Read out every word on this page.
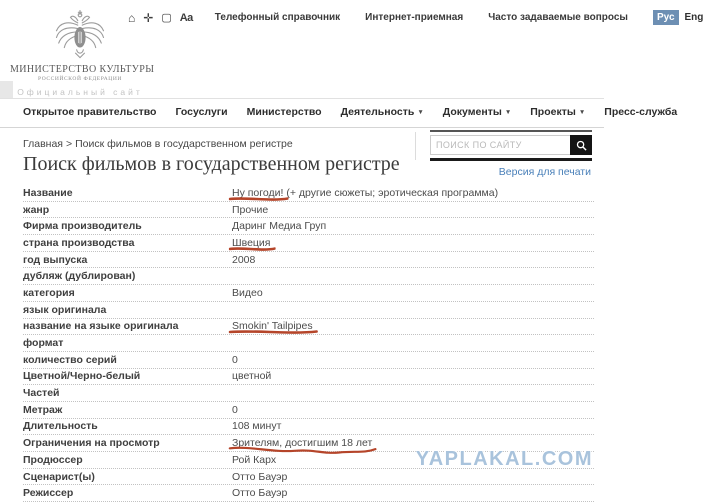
МИНИСТЕРСТВО КУЛЬТУРЫ
РОССИЙСКОЙ ФЕДЕРАЦИИ
Официальный сайт
⌂ ✛ ▢ Aa Телефонный справочник	Интернет-приемная	Часто задаваемые вопросы	Рус	Eng
Открытое правительство Госуслуги Министерство Деятельность ▼ Документы ▼ Проекты ▼ Пресс-служба
Главная > Поиск фильмов в государственном регистре
ПОИСК ПО САЙТУ
Поиск фильмов в государственном регистре	Версия для печати
Название	Ну погоди!
(+ другие сюжеты; эротическая программа)
жанр	Прочие
Фирма производитель	Даринг Медиа Груп
страна производства	Швеция
год выпуска	2008
дубляж (дублирован)
категория	Видео
язык оригинала
название на языке оригинала	Smokin' Tailpipes
формат
количество серий	0
Цветной/Черно-белый	цветной
Частей
Метраж	0
Длительность	108 минут
Ограничения на просмотр	Зрителям, достигшим 18 лет
Продюссер	Рой Карх
Сценарист(ы)	Отто Бауэр
Режиссер	Отто Бауэр
YAPLAKAL.COM
